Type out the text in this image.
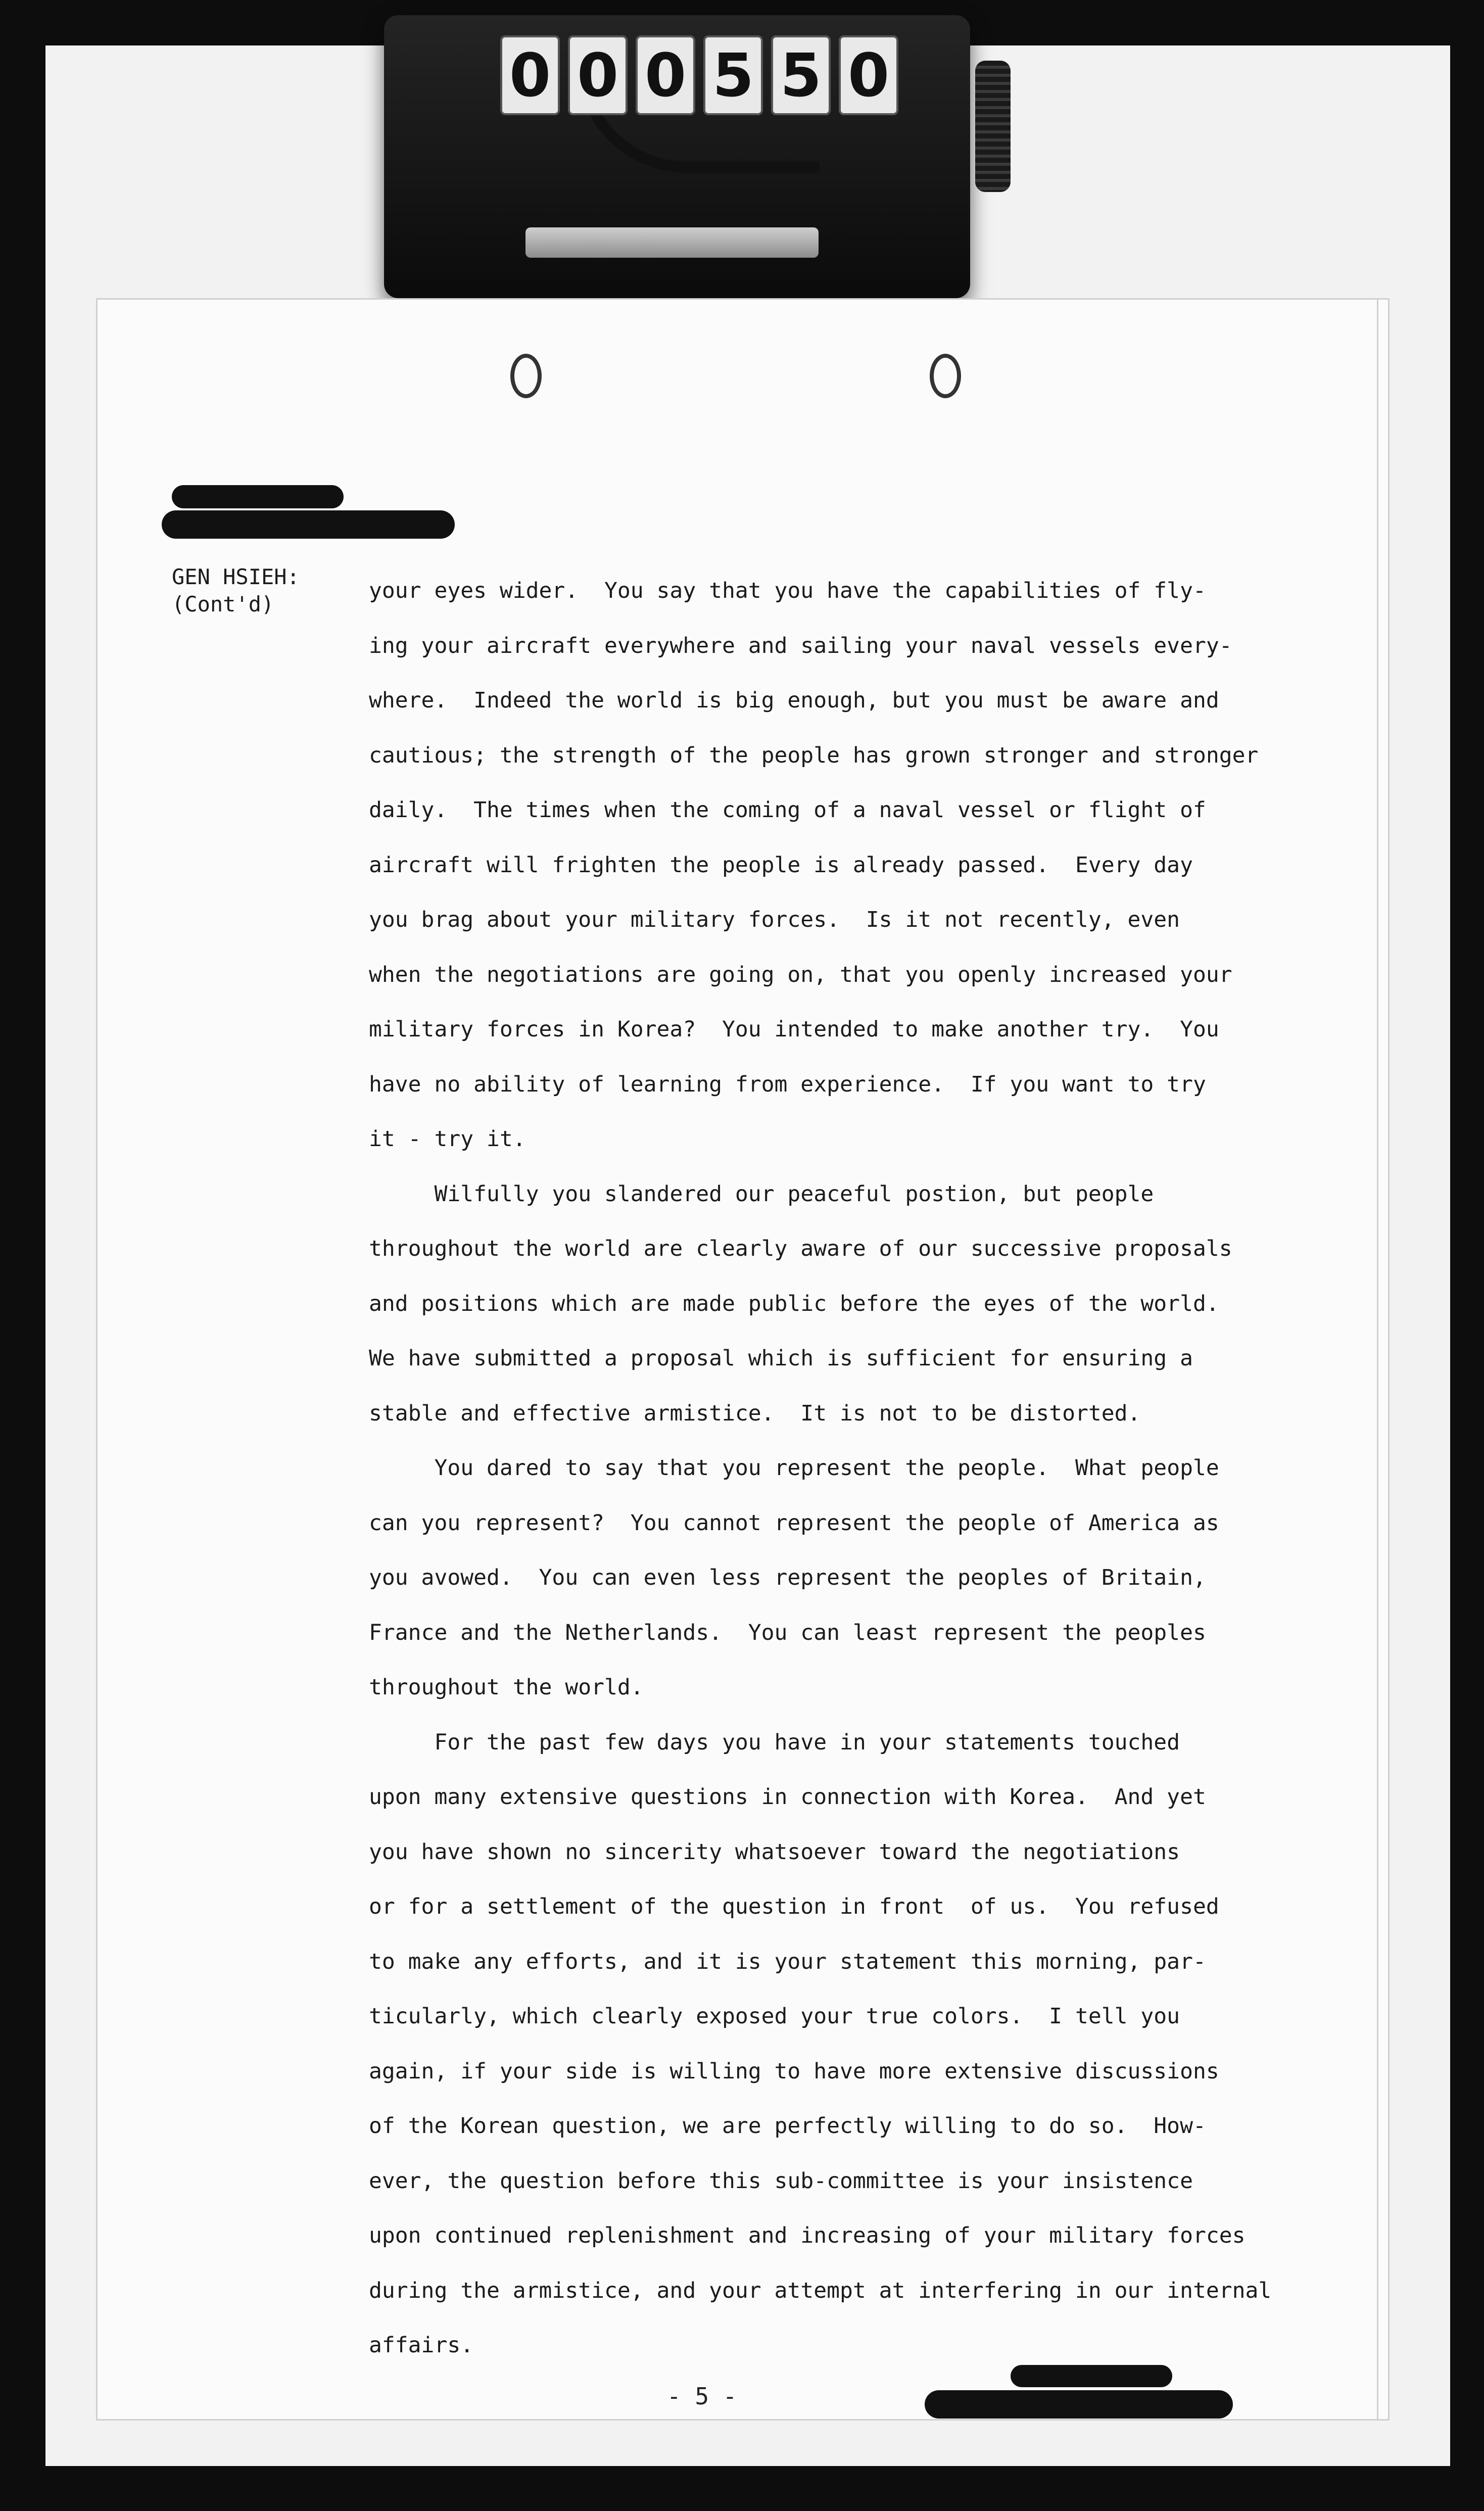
0 0 0 5 5 0
GEN HSIEH:
(Cont'd)

your eyes wider.  You say that you have the capabilities of fly-

ing your aircraft everywhere and sailing your naval vessels every-

where.  Indeed the world is big enough, but you must be aware and

cautious; the strength of the people has grown stronger and stronger

daily.  The times when the coming of a naval vessel or flight of

aircraft will frighten the people is already passed.  Every day

you brag about your military forces.  Is it not recently, even

when the negotiations are going on, that you openly increased your

military forces in Korea?  You intended to make another try.  You

have no ability of learning from experience.  If you want to try

it - try it.

Wilfully you slandered our peaceful postion, but people

throughout the world are clearly aware of our successive proposals

and positions which are made public before the eyes of the world.

We have submitted a proposal which is sufficient for ensuring a

stable and effective armistice.  It is not to be distorted.

You dared to say that you represent the people.  What people

can you represent?  You cannot represent the people of America as

you avowed.  You can even less represent the peoples of Britain,

France and the Netherlands.  You can least represent the peoples

throughout the world.

For the past few days you have in your statements touched

upon many extensive questions in connection with Korea.  And yet

you have shown no sincerity whatsoever toward the negotiations

or for a settlement of the question in front  of us.  You refused

to make any efforts, and it is your statement this morning, par-

ticularly, which clearly exposed your true colors.  I tell you

again, if your side is willing to have more extensive discussions

of the Korean question, we are perfectly willing to do so.  How-

ever, the question before this sub-committee is your insistence

upon continued replenishment and increasing of your military forces

during the armistice, and your attempt at interfering in our internal

affairs.

- 5 -
